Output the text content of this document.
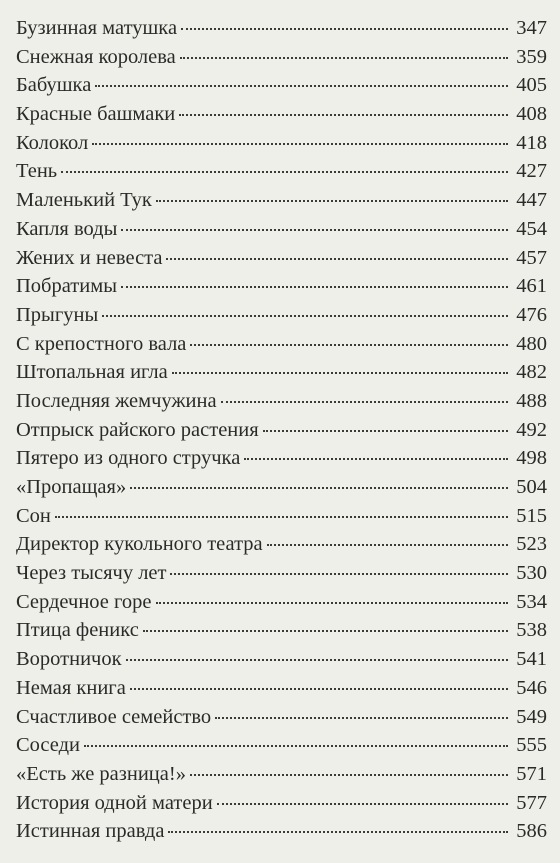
Бузинная матушка	347
Снежная королева	359
Бабушка	405
Красные башмаки	408
Колокол	418
Тень	427
Маленький Тук	447
Капля воды	454
Жених и невеста	457
Побратимы	461
Прыгуны	476
С крепостного вала	480
Штопальная игла	482
Последняя жемчужина	488
Отпрыск райского растения	492
Пятеро из одного стручка	498
«Пропащая»	504
Сон	515
Директор кукольного театра	523
Через тысячу лет	530
Сердечное горе	534
Птица феникс	538
Воротничок	541
Немая книга	546
Счастливое семейство	549
Соседи	555
«Есть же разница!»	571
История одной матери	577
Истинная правда	586
